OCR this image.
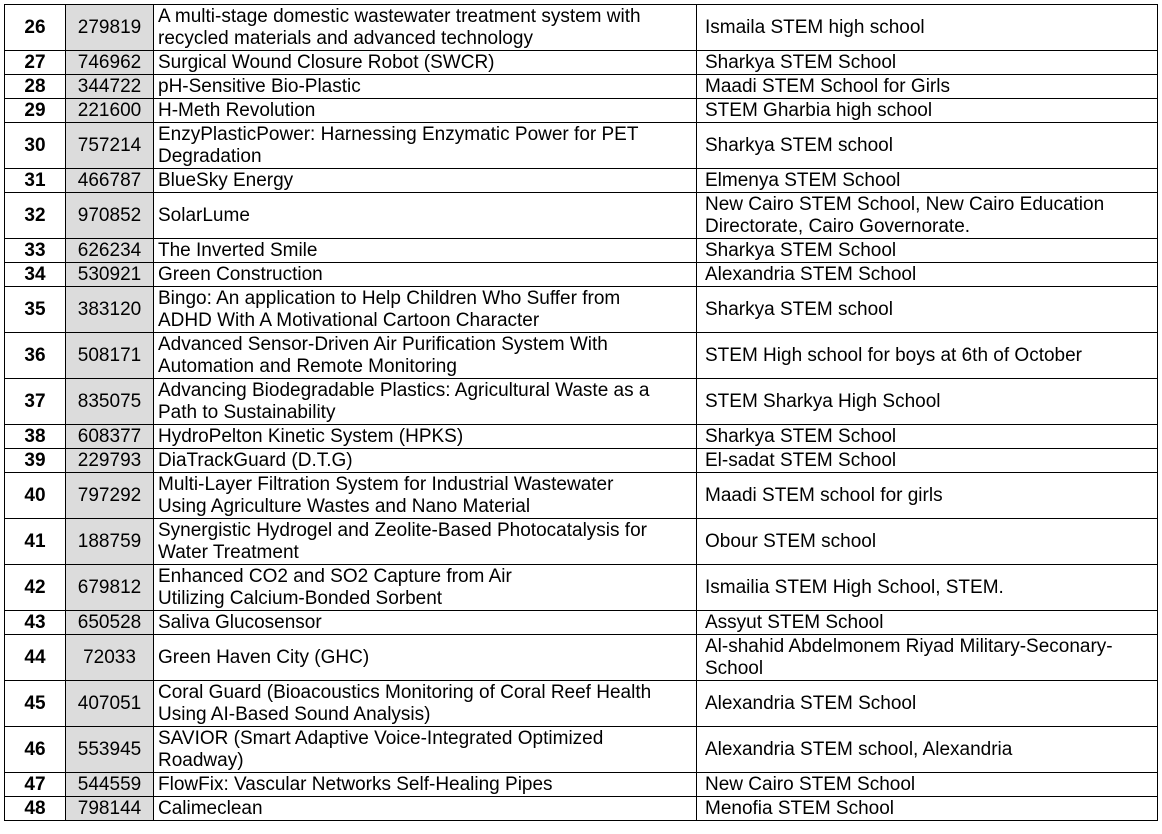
26	279819	A multi-stage domestic wastewater treatment system with
recycled materials and advanced technology	Ismaila STEM high school

27	746962	Surgical Wound Closure Robot (SWCR)	Sharkya STEM School

28	344722	pH-Sensitive Bio-Plastic	Maadi STEM School for Girls

29	221600	H-Meth Revolution	STEM Gharbia high school

30	757214	EnzyPlasticPower: Harnessing Enzymatic Power for PET
Degradation	Sharkya STEM school

31	466787	BlueSky Energy	Elmenya STEM School

32	970852	SolarLume	New Cairo STEM School, New Cairo Education
Directorate, Cairo Governorate.

33	626234	The Inverted Smile	Sharkya STEM School

34	530921	Green Construction	Alexandria STEM School

35	383120	Bingo: An application to Help Children Who Suffer from
ADHD With A Motivational Cartoon Character	Sharkya STEM school

36	508171	Advanced Sensor-Driven Air Purification System With
Automation and Remote Monitoring	STEM High school for boys at 6th of October

37	835075	Advancing Biodegradable Plastics: Agricultural Waste as a
Path to Sustainability	STEM Sharkya High School

38	608377	HydroPelton Kinetic System (HPKS)	Sharkya STEM School

39	229793	DiaTrackGuard (D.T.G)	El-sadat STEM School

40	797292	Multi-Layer Filtration System for Industrial Wastewater
Using Agriculture Wastes and Nano Material	Maadi STEM school for girls

41	188759	Synergistic Hydrogel and Zeolite-Based Photocatalysis for
Water Treatment	Obour STEM school

42	679812	Enhanced CO2 and SO2 Capture from Air
Utilizing Calcium-Bonded Sorbent	Ismailia STEM High School, STEM.

43	650528	Saliva Glucosensor	Assyut STEM School

44	72033	Green Haven City (GHC)	Al-shahid Abdelmonem Riyad Military-Seconary-
School

45	407051	Coral Guard (Bioacoustics Monitoring of Coral Reef Health
Using AI-Based Sound Analysis)	Alexandria STEM School

46	553945	SAVIOR (Smart Adaptive Voice-Integrated Optimized
Roadway)	Alexandria STEM school, Alexandria

47	544559	FlowFix: Vascular Networks Self-Healing Pipes	New Cairo STEM School

48	798144	Calimeclean	Menofia STEM School
